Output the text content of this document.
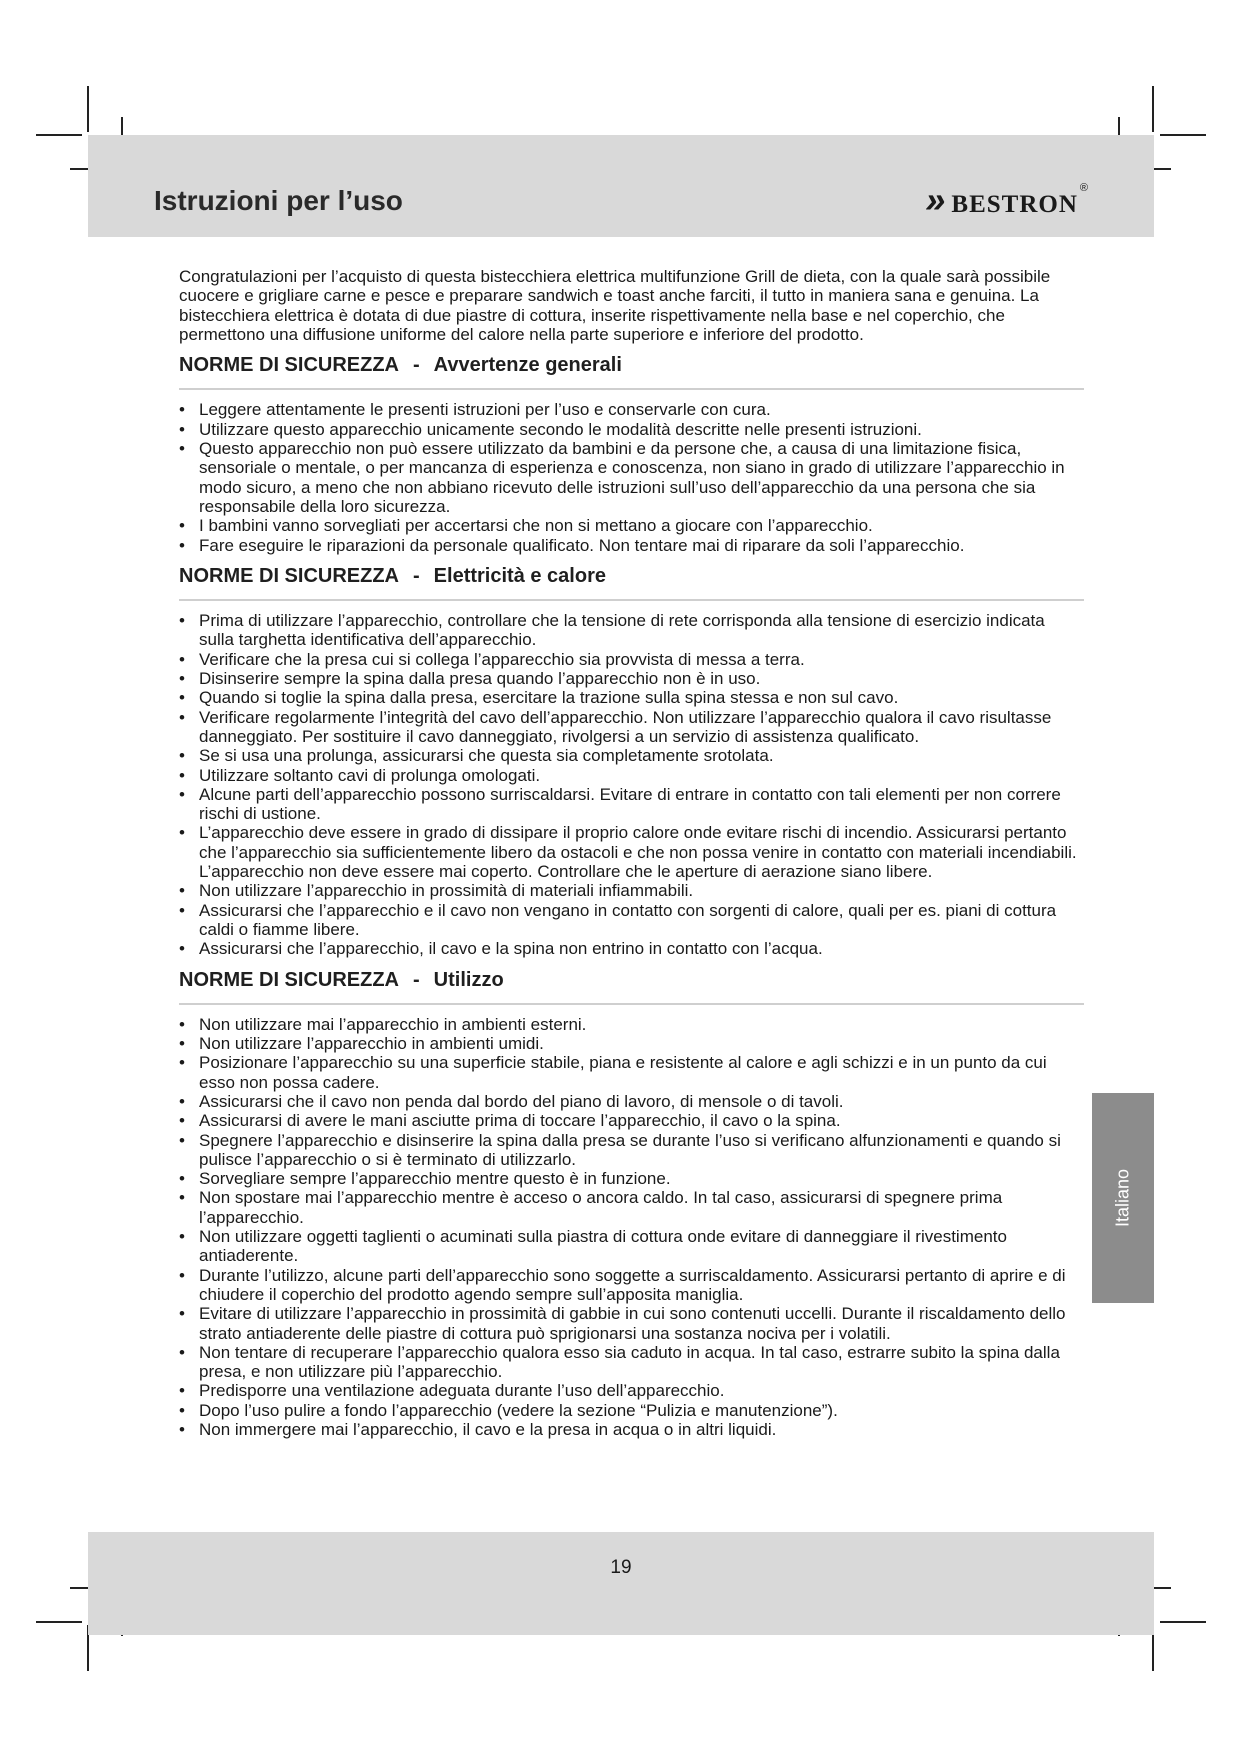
Istruzioni per l’uso	» bestron ®

Congratulazioni per l’acquisto di questa bistecchiera elettrica multifunzione Grill de dieta, con la quale sarà possibile cuocere e grigliare carne e pesce e preparare sandwich e toast anche farciti, il tutto in maniera sana e genuina. La bistecchiera elettrica è dotata di due piastre di cottura, inserite rispettivamente nella base e nel coperchio, che permettono una diffusione uniforme del calore nella parte superiore e inferiore del prodotto.

NORME DI SICUREZZA - Avvertenze generali
• Leggere attentamente le presenti istruzioni per l’uso e conservarle con cura.
• Utilizzare questo apparecchio unicamente secondo le modalità descritte nelle presenti istruzioni.
• Questo apparecchio non può essere utilizzato da bambini e da persone che, a causa di una limitazione fisica, sensoriale o mentale, o per mancanza di esperienza e conoscenza, non siano in grado di utilizzare l’apparecchio in modo sicuro, a meno che non abbiano ricevuto delle istruzioni sull’uso dell’apparecchio da una persona che sia responsabile della loro sicurezza.
• I bambini vanno sorvegliati per accertarsi che non si mettano a giocare con l’apparecchio.
• Fare eseguire le riparazioni da personale qualificato. Non tentare mai di riparare da soli l’apparecchio.
NORME DI SICUREZZA - Elettricità e calore
• Prima di utilizzare l’apparecchio, controllare che la tensione di rete corrisponda alla tensione di esercizio indicata sulla targhetta identificativa dell’apparecchio.
• Verificare che la presa cui si collega l’apparecchio sia provvista di messa a terra.
• Disinserire sempre la spina dalla presa quando l’apparecchio non è in uso.
• Quando si toglie la spina dalla presa, esercitare la trazione sulla spina stessa e non sul cavo.
• Verificare regolarmente l’integrità del cavo dell’apparecchio. Non utilizzare l’apparecchio qualora il cavo risultasse danneggiato. Per sostituire il cavo danneggiato, rivolgersi a un servizio di assistenza qualificato.
• Se si usa una prolunga, assicurarsi che questa sia completamente srotolata.
• Utilizzare soltanto cavi di prolunga omologati.
• Alcune parti dell’apparecchio possono surriscaldarsi. Evitare di entrare in contatto con tali elementi per non correre rischi di ustione.
• L’apparecchio deve essere in grado di dissipare il proprio calore onde evitare rischi di incendio. Assicurarsi pertanto che l’apparecchio sia sufficientemente libero da ostacoli e che non possa venire in contatto con materiali incendiabili. L’apparecchio non deve essere mai coperto. Controllare che le aperture di aerazione siano libere.
• Non utilizzare l’apparecchio in prossimità di materiali infiammabili.
• Assicurarsi che l’apparecchio e il cavo non vengano in contatto con sorgenti di calore, quali per es. piani di cottura caldi o fiamme libere.
• Assicurarsi che l’apparecchio, il cavo e la spina non entrino in contatto con l’acqua.
NORME DI SICUREZZA - Utilizzo
• Non utilizzare mai l’apparecchio in ambienti esterni.
• Non utilizzare l’apparecchio in ambienti umidi.
• Posizionare l’apparecchio su una superficie stabile, piana e resistente al calore e agli schizzi e in un punto da cui esso non possa cadere.
• Assicurarsi che il cavo non penda dal bordo del piano di lavoro, di mensole o di tavoli.
• Assicurarsi di avere le mani asciutte prima di toccare l’apparecchio, il cavo o la spina.
• Spegnere l’apparecchio e disinserire la spina dalla presa se durante l’uso si verificano alfunzionamenti e quando si pulisce l’apparecchio o si è terminato di utilizzarlo.
• Sorvegliare sempre l’apparecchio mentre questo è in funzione.
• Non spostare mai l’apparecchio mentre è acceso o ancora caldo. In tal caso, assicurarsi di spegnere prima l’apparecchio.
• Non utilizzare oggetti taglienti o acuminati sulla piastra di cottura onde evitare di danneggiare il rivestimento antiaderente.
• Durante l’utilizzo, alcune parti dell’apparecchio sono soggette a surriscaldamento. Assicurarsi pertanto di aprire e di chiudere il coperchio del prodotto agendo sempre sull’apposita maniglia.
• Evitare di utilizzare l’apparecchio in prossimità di gabbie in cui sono contenuti uccelli. Durante il riscaldamento dello strato antiaderente delle piastre di cottura può sprigionarsi una sostanza nociva per i volatili.
• Non tentare di recuperare l’apparecchio qualora esso sia caduto in acqua. In tal caso, estrarre subito la spina dalla presa, e non utilizzare più l’apparecchio.
• Predisporre una ventilazione adeguata durante l’uso dell’apparecchio.
• Dopo l’uso pulire a fondo l’apparecchio (vedere la sezione “Pulizia e manutenzione”).
• Non immergere mai l’apparecchio, il cavo e la presa in acqua o in altri liquidi.
Italiano
19
